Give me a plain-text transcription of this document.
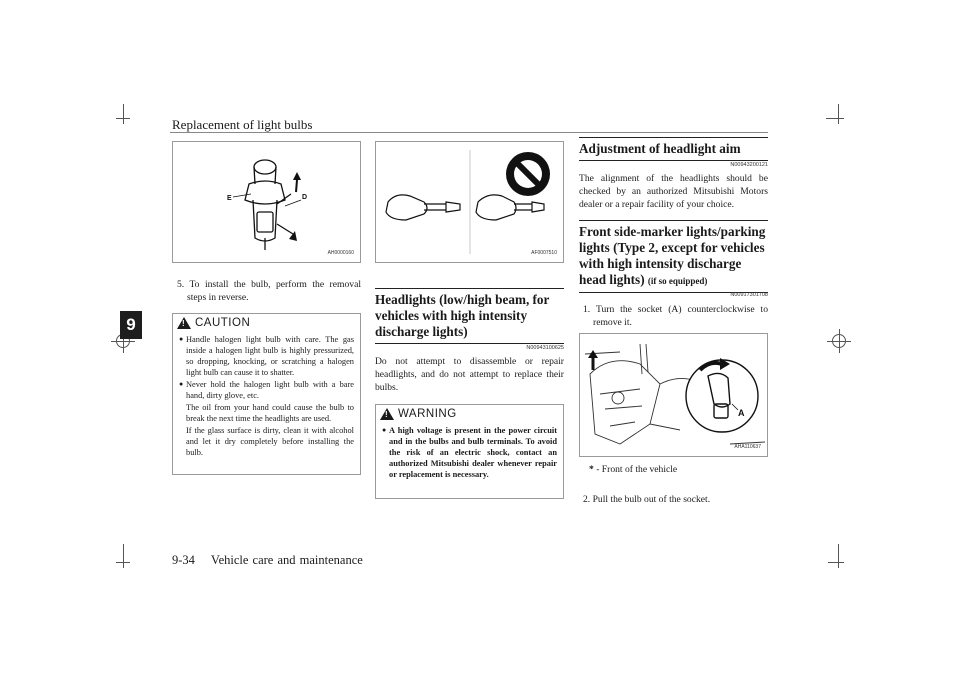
Replacement of light bulbs
9
E	D
AH0000160
5. To install the bulb, perform the removal steps in reverse.
!
CAUTION
● Handle halogen light bulb with care. The gas inside a halogen light bulb is highly pressurized, so dropping, knocking, or scratching a halogen light bulb can cause it to shatter.
● Never hold the halogen light bulb with a bare hand, dirty glove, etc.
The oil from your hand could cause the bulb to break the next time the headlights are used.
If the glass surface is dirty, clean it with alcohol and let it dry completely before installing the bulb.
AF0007510
Headlights (low/high beam, for vehicles with high intensity discharge lights)
N00943100625
Do not attempt to disassemble or repair headlights, and do not attempt to replace their bulbs.
!
WARNING
● A high voltage is present in the power circuit and in the bulbs and bulb terminals. To avoid the risk of an electric shock, contact an authorized Mitsubishi dealer whenever repair or replacement is necessary.
Adjustment of headlight aim
N00943200121
The alignment of the headlights should be checked by an authorized Mitsubishi Motors dealer or a repair facility of your choice.
Front side-marker lights/parking lights (Type 2, except for vehicles with high intensity discharge head lights) (if so equipped)
N00917301708
1. Turn the socket (A) counterclockwise to remove it.
A
AHA110637
* - Front of the vehicle
2. Pull the bulb out of the socket.
9-34 Vehicle care and maintenance
